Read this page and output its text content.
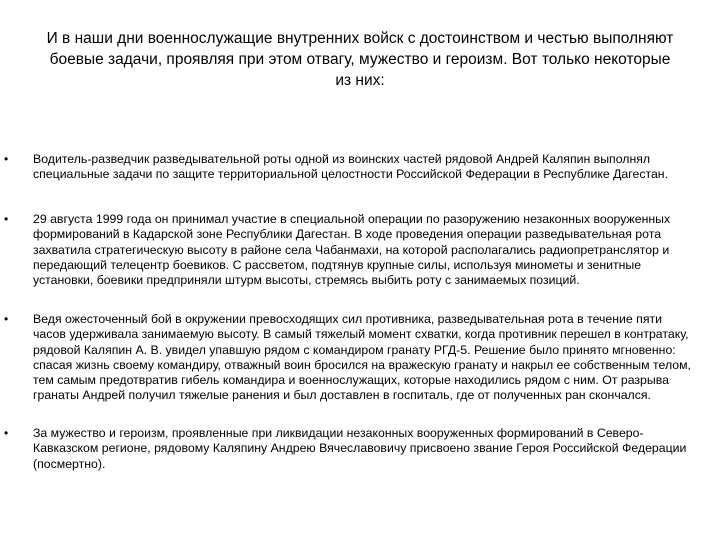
И в наши дни военнослужащие внутренних войск с достоинством и честью выполняют боевые задачи, проявляя при этом отвагу, мужество и героизм. Вот только некоторые из них:
• Водитель-разведчик разведывательной роты одной из воинских частей рядовой Андрей Каляпин выполнял специальные задачи по защите территориальной целостности Российской Федерации в Республике Дагестан.
• 29 августа 1999 года он принимал участие в специальной операции по разоружению незаконных вооруженных формирований в Кадарской зоне Республики Дагестан. В ходе проведения операции разведывательная рота захватила стратегическую высоту в районе села Чабанмахи, на которой располагались радиопретранслятор и передающий телецентр боевиков. С рассветом, подтянув крупные силы, используя минометы и зенитные установки, боевики предприняли штурм высоты, стремясь выбить роту с занимаемых позиций.
• Ведя ожесточенный бой в окружении превосходящих сил противника, разведывательная рота в течение пяти часов удерживала занимаемую высоту. В самый тяжелый момент схватки, когда противник перешел в контратаку, рядовой Каляпин А. В. увидел упавшую рядом с командиром гранату РГД-5. Решение было принято мгновенно: спасая жизнь своему командиру, отважный воин бросился на вражескую гранату и накрыл ее собственным телом, тем самым предотвратив гибель командира и военнослужащих, которые находились рядом с ним. От разрыва гранаты Андрей получил тяжелые ранения и был доставлен в госпиталь, где от полученных ран скончался.
• За мужество и героизм, проявленные при ликвидации незаконных вооруженных формирований в Северо-Кавказском регионе, рядовому Каляпину Андрею Вячеславовичу присвоено звание Героя Российской Федерации (посмертно).
